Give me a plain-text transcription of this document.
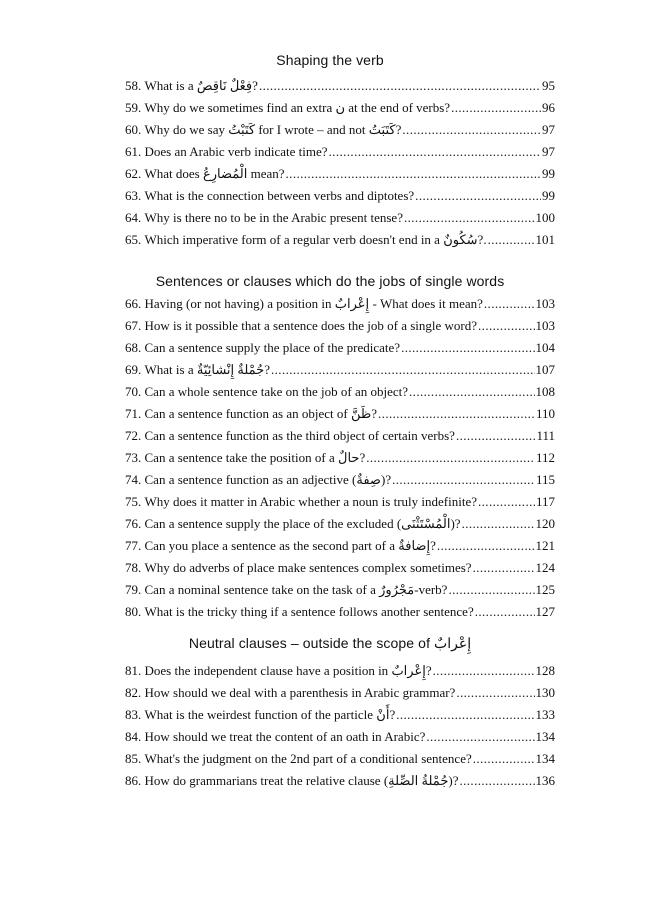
Shaping the verb
58.
What is a فِعْلٌ نَاقِصٌ? .....	95
59.
Why do we sometimes find an extra ن at the end of verbs? .....	96
60.
Why do we say كَتَبْتُ for I wrote – and not كَتَبَتُ? .....	97
61.
Does an Arabic verb indicate time? .....	97
62.
What does الْمُضارِعُ mean? .....	99
63.
What is the connection between verbs and diptotes? .....	99
64.
Why is there no to be in the Arabic present tense? .....	100
65.
Which imperative form of a regular verb doesn't end in a سُكُونٌ?. .....	101
Sentences or clauses which do the jobs of single words
66.
Having (or not having) a position in إِعْرابٌ - What does it mean? .....	103
67.
How is it possible that a sentence does the job of a single word? .....	103
68.
Can a sentence supply the place of the predicate? .....	104
69.
What is a جُمْلةٌ إِنْشائِيّةٌ? .....	107
70.
Can a whole sentence take on the job of an object? .....	108
71.
Can a sentence function as an object of ظَنَّ? .....	110
72.
Can a sentence function as the third object of certain verbs? .....	111
73.
Can a sentence take the position of a حالٌ? .....	112
74.
Can a sentence function as an adjective (صِفةٌ)? .....	115
75.
Why does it matter in Arabic whether a noun is truly indefinite? .....	117
76.
Can a sentence supply the place of the excluded (الْمُسْتَثْنَى)? .....	120
77.
Can you place a sentence as the second part of a إِضافةٌ? .....	121
78.
Why do adverbs of place make sentences complex sometimes? .....	124
79.
Can a nominal sentence take on the task of a مَجْرُورٌ-verb? .....	125
80.
What is the tricky thing if a sentence follows another sentence? .....	127
Neutral clauses – outside the scope of إِعْرابٌ
81.
Does the independent clause have a position in إِعْرابٌ? .....	128
82.
How should we deal with a parenthesis in Arabic grammar? .....	130
83.
What is the weirdest function of the particle أَنْ? .....	133
84.
How should we treat the content of an oath in Arabic? .....	134
85.
What's the judgment on the 2nd part of a conditional sentence? .....	134
86.
How do grammarians treat the relative clause (جُمْلةُ الصِّلةِ)? .....	136
